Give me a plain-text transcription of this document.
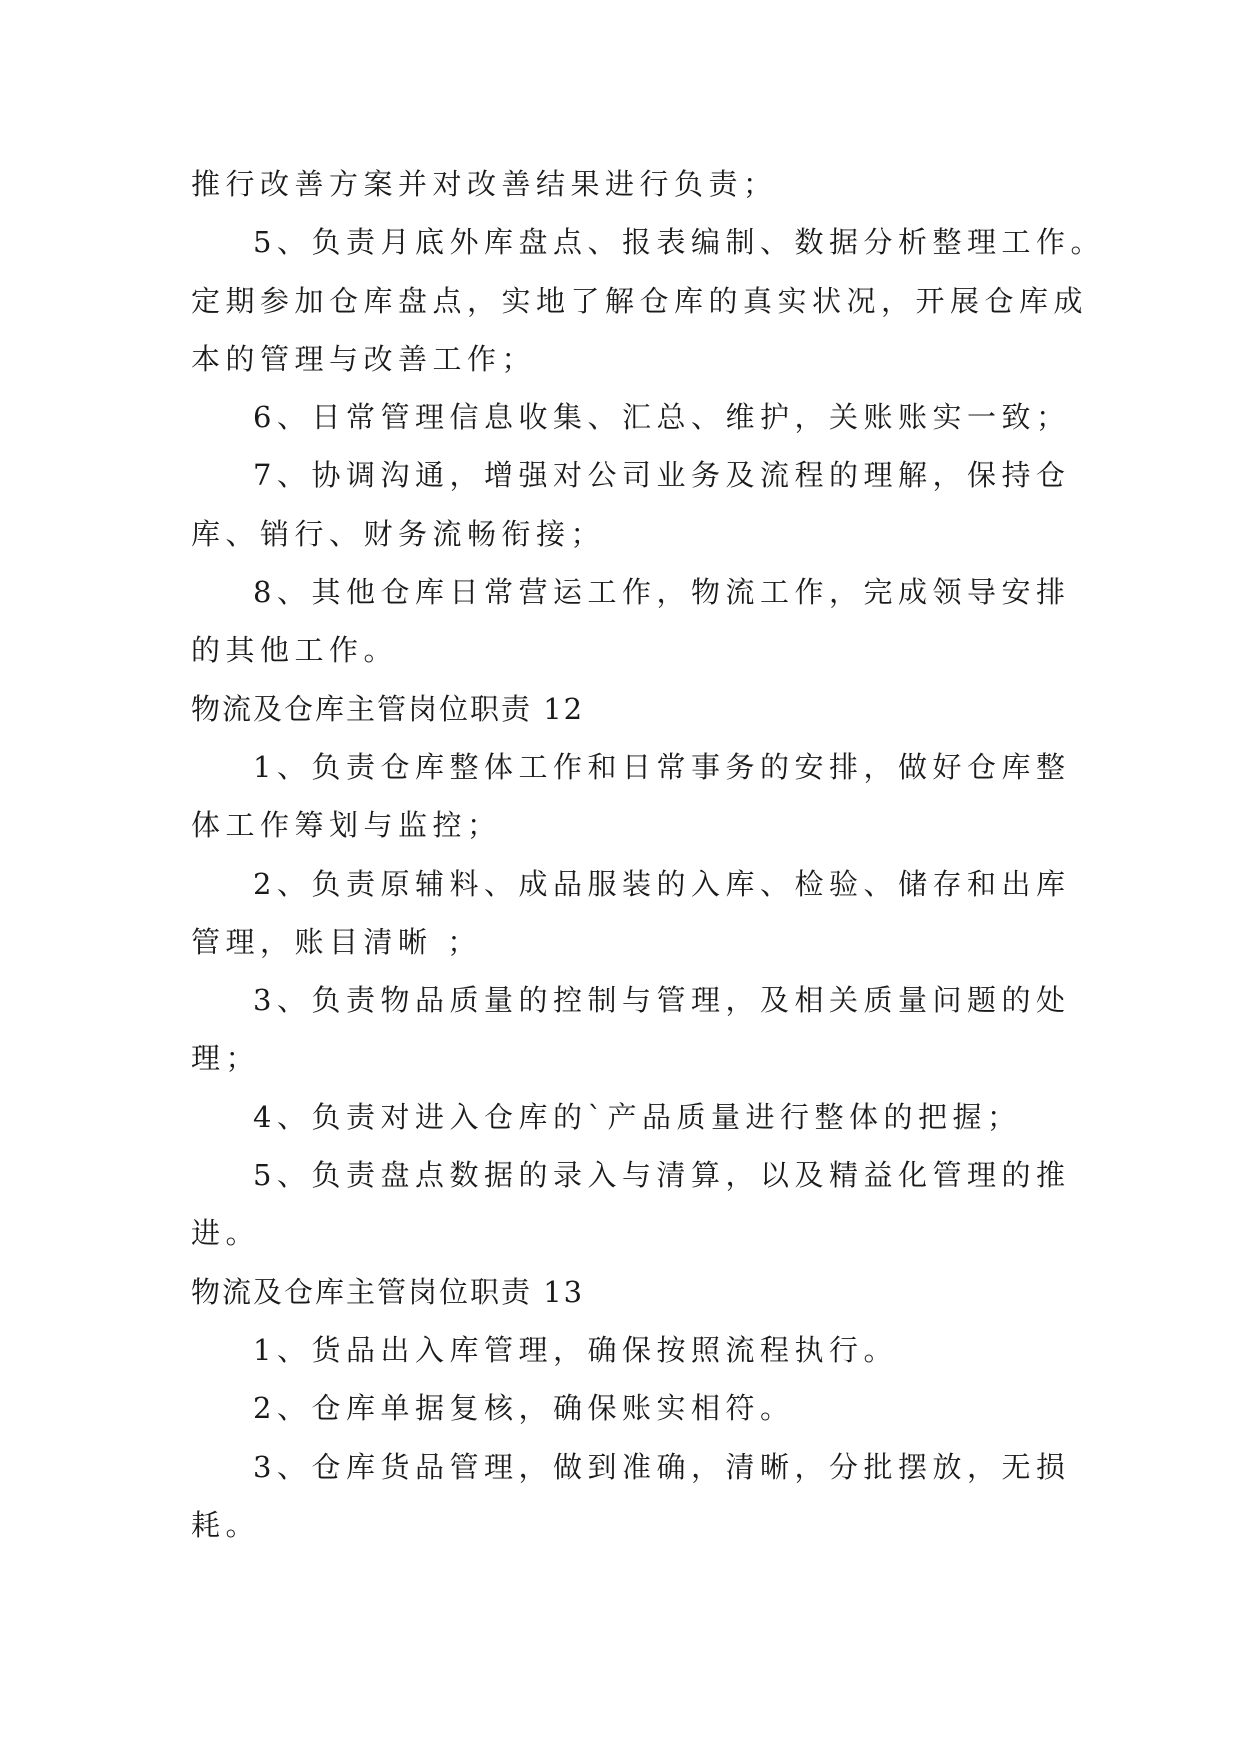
推行改善方案并对改善结果进行负责；
5、负责月底外库盘点、报表编制、数据分析整理工作。
定期参加仓库盘点，实地了解仓库的真实状况，开展仓库成
本的管理与改善工作；
6、日常管理信息收集、汇总、维护，关账账实一致；
7、协调沟通，增强对公司业务及流程的理解，保持仓
库、销行、财务流畅衔接；
8、其他仓库日常营运工作，物流工作，完成领导安排
的其他工作。
物流及仓库主管岗位职责 12
1、负责仓库整体工作和日常事务的安排，做好仓库整
体工作筹划与监控；
2、负责原辅料、成品服装的入库、检验、储存和出库
管理，账目清晰 ；
3、负责物品质量的控制与管理，及相关质量问题的处
理；
4、负责对进入仓库的`产品质量进行整体的把握；
5、负责盘点数据的录入与清算，以及精益化管理的推
进。
物流及仓库主管岗位职责 13
1、货品出入库管理，确保按照流程执行。
2、仓库单据复核，确保账实相符。
3、仓库货品管理，做到准确，清晰，分批摆放，无损
耗。
